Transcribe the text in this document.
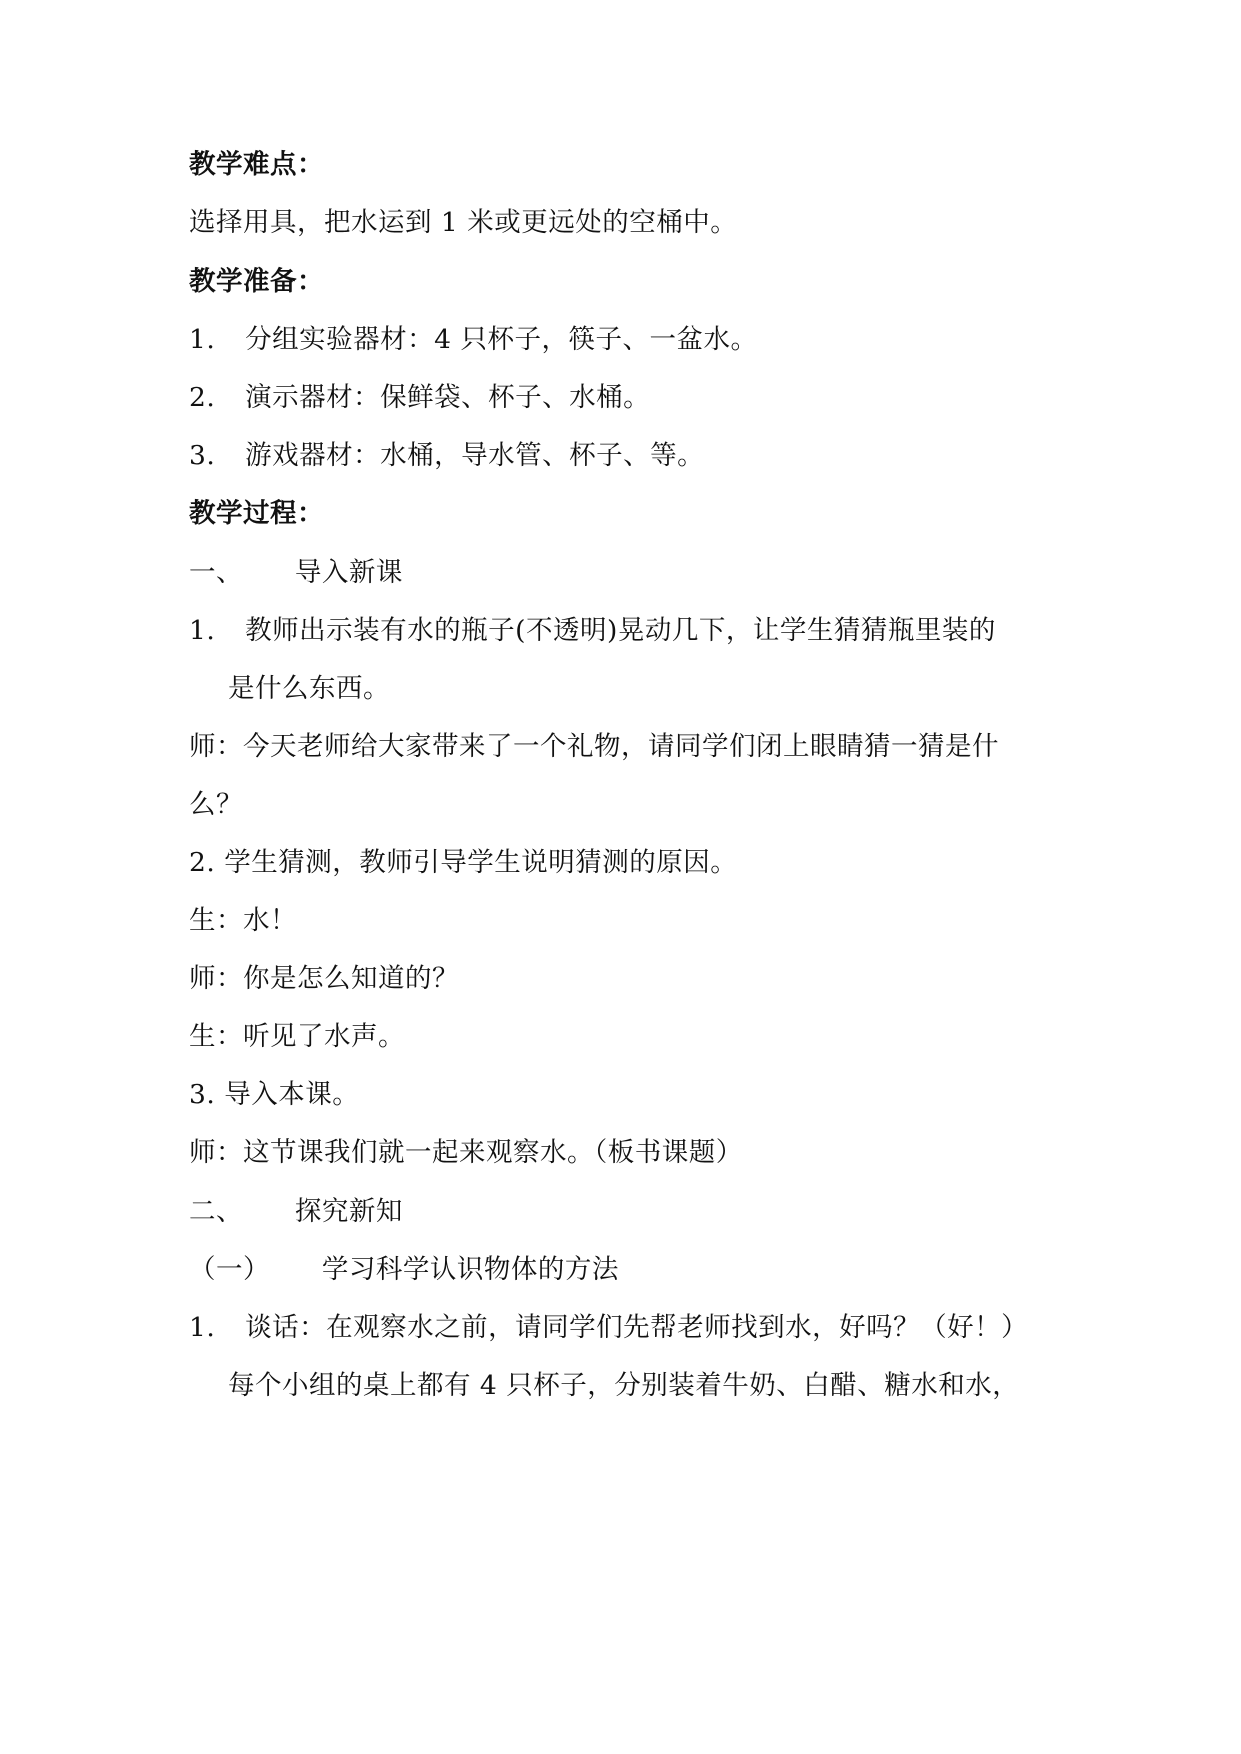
教学难点：
选择用具，把水运到 1 米或更远处的空桶中。
教学准备：
1. 分组实验器材：4 只杯子，筷子、一盆水。
2. 演示器材：保鲜袋、杯子、水桶。
3. 游戏器材：水桶，导水管、杯子、等。
教学过程：
一、 导入新课
1. 教师出示装有水的瓶子(不透明)晃动几下，让学生猜猜瓶里装的
是什么东西。
师：今天老师给大家带来了一个礼物，请同学们闭上眼睛猜一猜是什
么？
2. 学生猜测，教师引导学生说明猜测的原因。
生：水！
师：你是怎么知道的？
生：听见了水声。
3. 导入本课。
师：这节课我们就一起来观察水。（板书课题）
二、 探究新知
（一） 学习科学认识物体的方法
1. 谈话：在观察水之前，请同学们先帮老师找到水，好吗？（好！）
每个小组的桌上都有 4 只杯子，分别装着牛奶、白醋、糖水和水，
